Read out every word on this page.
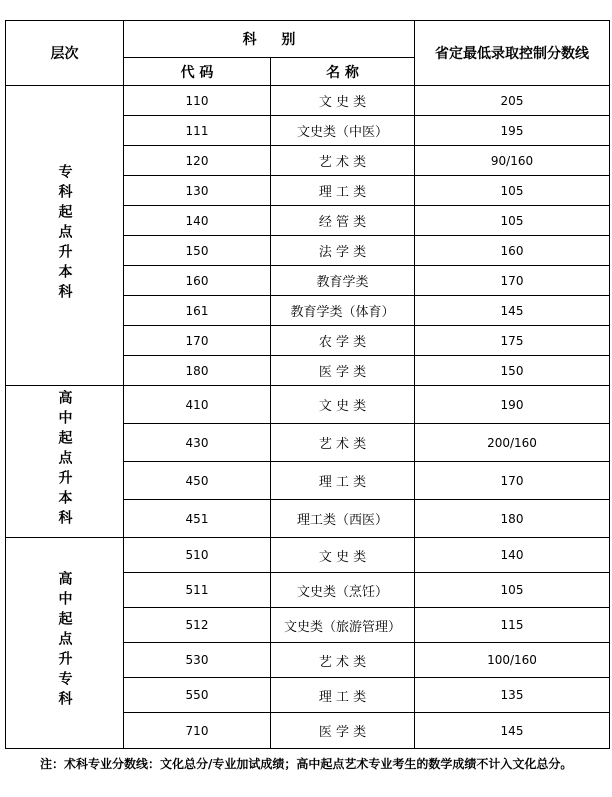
层次	科 别		省定最低录取控制分数线
	代 码	名 称	
专科起点升本科	110	文 史 类	205
	111	文史类（中医）	195
	120	艺 术 类	90/160
	130	理 工 类	105
	140	经 管 类	105
	150	法 学 类	160
	160	教育学类	170
	161	教育学类（体育）	145
	170	农 学 类	175
	180	医 学 类	150
高中起点升本科	410	文 史 类	190
	430	艺 术 类	200/160
	450	理 工 类	170
	451	理工类（西医）	180
高中起点升专科	510	文 史 类	140
	511	文史类（烹饪）	105
	512	文史类（旅游管理）	115
	530	艺 术 类	100/160
	550	理 工 类	135
	710	医 学 类	145
注：术科专业分数线：文化总分/专业加试成绩；高中起点艺术专业考生的数学成绩不计入文化总分。
